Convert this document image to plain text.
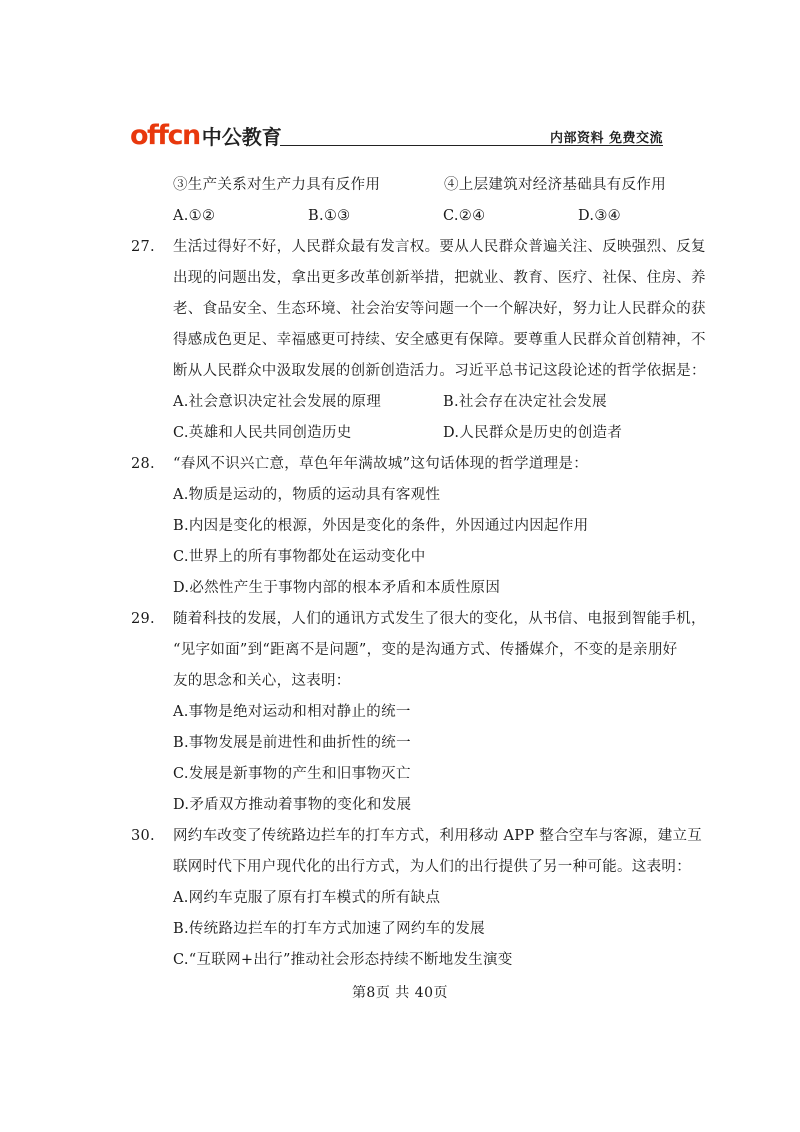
offcn 中公教育	内部资料 免费交流
③生产关系对生产力具有反作用	④上层建筑对经济基础具有反作用
A.①②	B.①③	C.②④	D.③④
27. 生活过得好不好，人民群众最有发言权。要从人民群众普遍关注、反映强烈、反复
出现的问题出发，拿出更多改革创新举措，把就业、教育、医疗、社保、住房、养
老、食品安全、生态环境、社会治安等问题一个一个解决好，努力让人民群众的获
得感成色更足、幸福感更可持续、安全感更有保障。要尊重人民群众首创精神，不
断从人民群众中汲取发展的创新创造活力。习近平总书记这段论述的哲学依据是：
A.社会意识决定社会发展的原理	B.社会存在决定社会发展
C.英雄和人民共同创造历史	D.人民群众是历史的创造者
28. “春风不识兴亡意，草色年年满故城”这句话体现的哲学道理是：
A.物质是运动的，物质的运动具有客观性
B.内因是变化的根源，外因是变化的条件，外因通过内因起作用
C.世界上的所有事物都处在运动变化中
D.必然性产生于事物内部的根本矛盾和本质性原因
29. 随着科技的发展，人们的通讯方式发生了很大的变化，从书信、电报到智能手机，
“见字如面”到“距离不是问题”，变的是沟通方式、传播媒介，不变的是亲朋好
友的思念和关心，这表明：
A.事物是绝对运动和相对静止的统一
B.事物发展是前进性和曲折性的统一
C.发展是新事物的产生和旧事物灭亡
D.矛盾双方推动着事物的变化和发展
30. 网约车改变了传统路边拦车的打车方式，利用移动 APP 整合空车与客源，建立互
联网时代下用户现代化的出行方式，为人们的出行提供了另一种可能。这表明：
A.网约车克服了原有打车模式的所有缺点
B.传统路边拦车的打车方式加速了网约车的发展
C.“互联网+出行”推动社会形态持续不断地发生演变
第8页 共 40页
